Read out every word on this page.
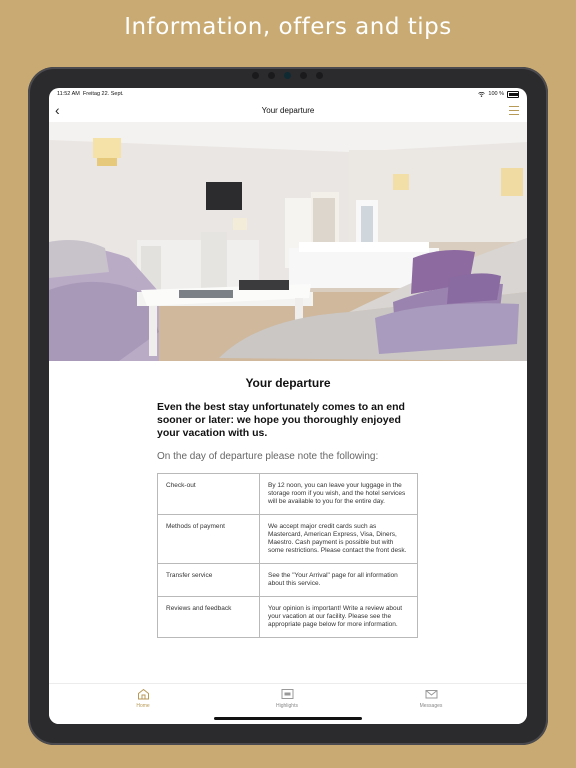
Information, offers and tips
11:52 AM Freitag 22. Sept.	100 %
‹	Your departure
Your departure
Even the best stay unfortunately comes to an end sooner or later: we hope you thoroughly enjoyed your vacation with us.
On the day of departure please note the following:
Check-out	By 12 noon, you can leave your luggage in the storage room if you wish, and the hotel services will be available to you for the entire day.
Methods of payment	We accept major credit cards such as Mastercard, American Express, Visa, Diners, Maestro. Cash payment is possible but with some restrictions. Please contact the front desk.
Transfer service	See the "Your Arrival" page for all information about this service.
Reviews and feedback	Your opinion is important! Write a review about your vacation at our facility. Please see the appropriate page below for more information.
Home	Highlights	Messages
